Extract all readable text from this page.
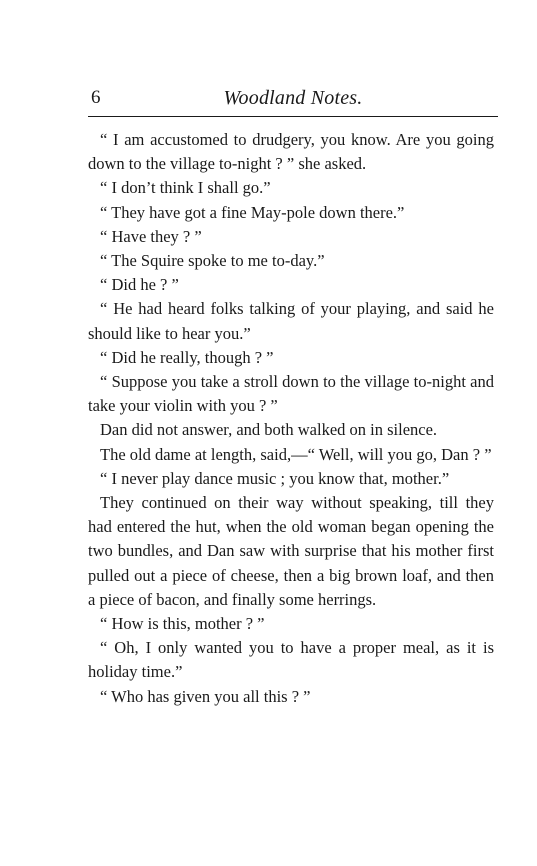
6	Woodland Notes.

“ I am accustomed to drudgery, you know. Are you going down to the village to-night ? ” she asked.

“ I don’t think I shall go.”

“ They have got a fine May-pole down there.”

“ Have they ? ”

“ The Squire spoke to me to-day.”

“ Did he ? ”

“ He had heard folks talking of your playing, and said he should like to hear you.”

“ Did he really, though ? ”

“ Suppose you take a stroll down to the village to-night and take your violin with you ? ”

Dan did not answer, and both walked on in silence.

The old dame at length, said,—“ Well, will you go, Dan ? ”

“ I never play dance music ; you know that, mother.”

They continued on their way without speaking, till they had entered the hut, when the old woman began opening the two bundles, and Dan saw with surprise that his mother first pulled out a piece of cheese, then a big brown loaf, and then a piece of bacon, and finally some herrings.

“ How is this, mother ? ”

“ Oh, I only wanted you to have a proper meal, as it is holiday time.”

“ Who has given you all this ? ”
